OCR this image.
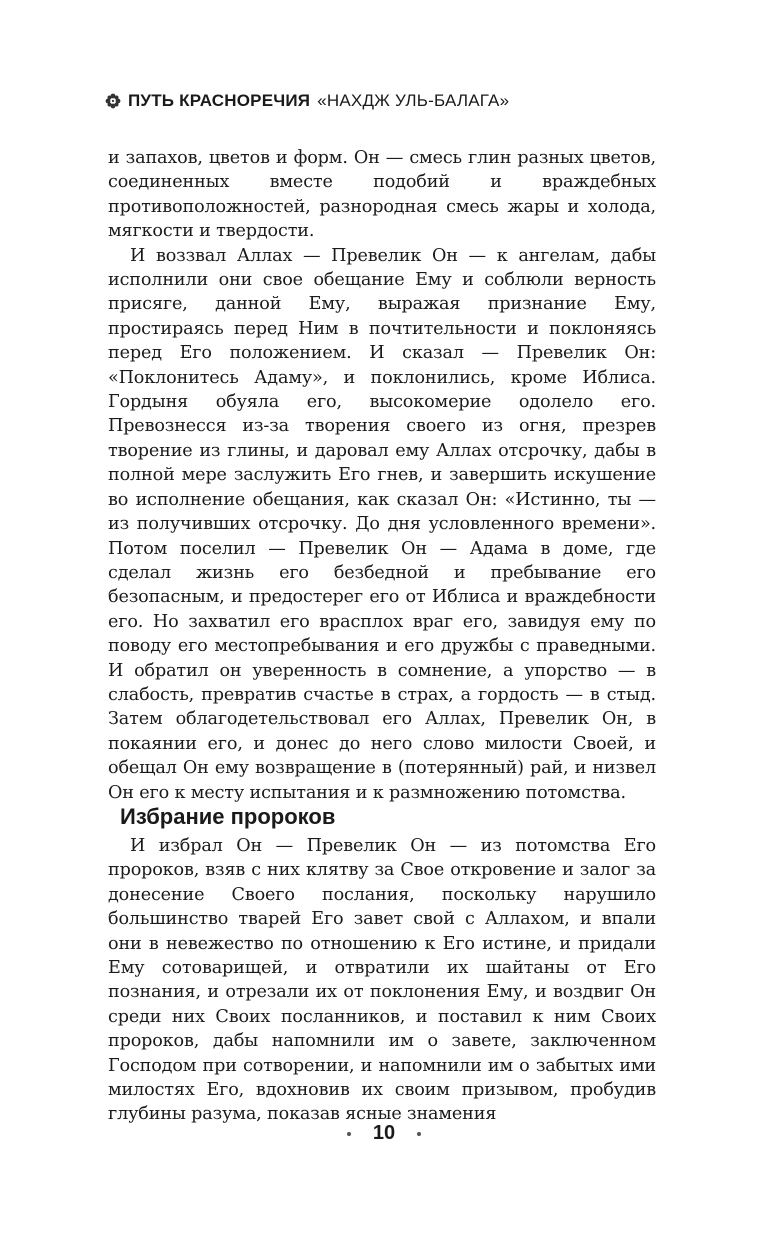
ПУТЬ КРАСНОРЕЧИЯ «НАХДЖ УЛЬ-БАЛАГА»

и запахов, цветов и форм. Он — смесь глин разных цветов, соединенных вместе подобий и враждебных противоположностей, разнородная смесь жары и холода, мягкости и твердости.

И воззвал Аллах — Превелик Он — к ангелам, дабы исполнили они свое обещание Ему и соблюли верность присяге, данной Ему, выражая признание Ему, простираясь перед Ним в почтительности и поклоняясь перед Его положением. И сказал — Превелик Он: «Поклонитесь Адаму», и поклонились, кроме Иблиса. Гордыня обуяла его, высокомерие одолело его. Превознесся из-за творения своего из огня, презрев творение из глины, и даровал ему Аллах отсрочку, дабы в полной мере заслужить Его гнев, и завершить искушение во исполнение обещания, как сказал Он: «Истинно, ты — из получивших отсрочку. До дня условленного времени». Потом поселил — Превелик Он — Адама в доме, где сделал жизнь его безбедной и пребывание его безопасным, и предостерег его от Иблиса и враждебности его. Но захватил его врасплох враг его, завидуя ему по поводу его местопребывания и его дружбы с праведными. И обратил он уверенность в сомнение, а упорство — в слабость, превратив счастье в страх, а гордость — в стыд. Затем облагодетельствовал его Аллах, Превелик Он, в покаянии его, и донес до него слово милости Своей, и обещал Он ему возвращение в (потерянный) рай, и низвел Он его к месту испытания и к размножению потомства.

Избрание пророков

И избрал Он — Превелик Он — из потомства Его пророков, взяв с них клятву за Свое откровение и залог за донесение Своего послания, поскольку нарушило большинство тварей Его завет свой с Аллахом, и впали они в невежество по отношению к Его истине, и придали Ему сотоварищей, и отвратили их шайтаны от Его познания, и отрезали их от поклонения Ему, и воздвиг Он среди них Своих посланников, и поставил к ним Своих пророков, дабы напомнили им о завете, заключенном Господом при сотворении, и напомнили им о забытых ими милостях Его, вдохновив их своим призывом, пробудив глубины разума, показав ясные знамения

10
